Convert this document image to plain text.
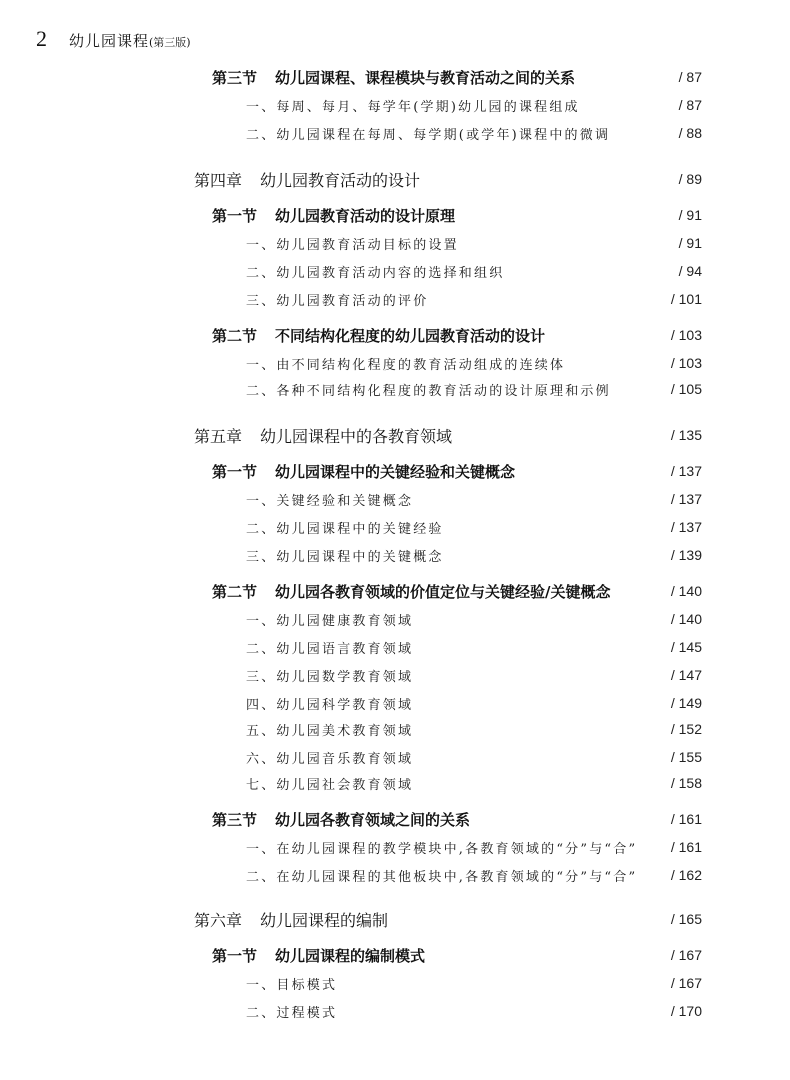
2 幼儿园课程 (第三版)
第三节 幼儿园课程、课程模块与教育活动之间的关系	/ 87
一、每周、每月、每学年(学期)幼儿园的课程组成	/ 87
二、幼儿园课程在每周、每学期(或学年)课程中的微调	/ 88
第四章 幼儿园教育活动的设计	/ 89
第一节 幼儿园教育活动的设计原理	/ 91
一、幼儿园教育活动目标的设置	/ 91
二、幼儿园教育活动内容的选择和组织	/ 94
三、幼儿园教育活动的评价	/ 101
第二节 不同结构化程度的幼儿园教育活动的设计	/ 103
一、由不同结构化程度的教育活动组成的连续体	/ 103
二、各种不同结构化程度的教育活动的设计原理和示例	/ 105
第五章 幼儿园课程中的各教育领域	/ 135
第一节 幼儿园课程中的关键经验和关键概念	/ 137
一、关键经验和关键概念	/ 137
二、幼儿园课程中的关键经验	/ 137
三、幼儿园课程中的关键概念	/ 139
第二节 幼儿园各教育领域的价值定位与关键经验/关键概念	/ 140
一、幼儿园健康教育领域	/ 140
二、幼儿园语言教育领域	/ 145
三、幼儿园数学教育领域	/ 147
四、幼儿园科学教育领域	/ 149
五、幼儿园美术教育领域	/ 152
六、幼儿园音乐教育领域	/ 155
七、幼儿园社会教育领域	/ 158
第三节 幼儿园各教育领域之间的关系	/ 161
一、在幼儿园课程的教学模块中,各教育领域的“分”与“合” / 161
二、在幼儿园课程的其他板块中,各教育领域的“分”与“合” / 162
第六章 幼儿园课程的编制	/ 165
第一节 幼儿园课程的编制模式	/ 167
一、目标模式	/ 167
二、过程模式	/ 170
